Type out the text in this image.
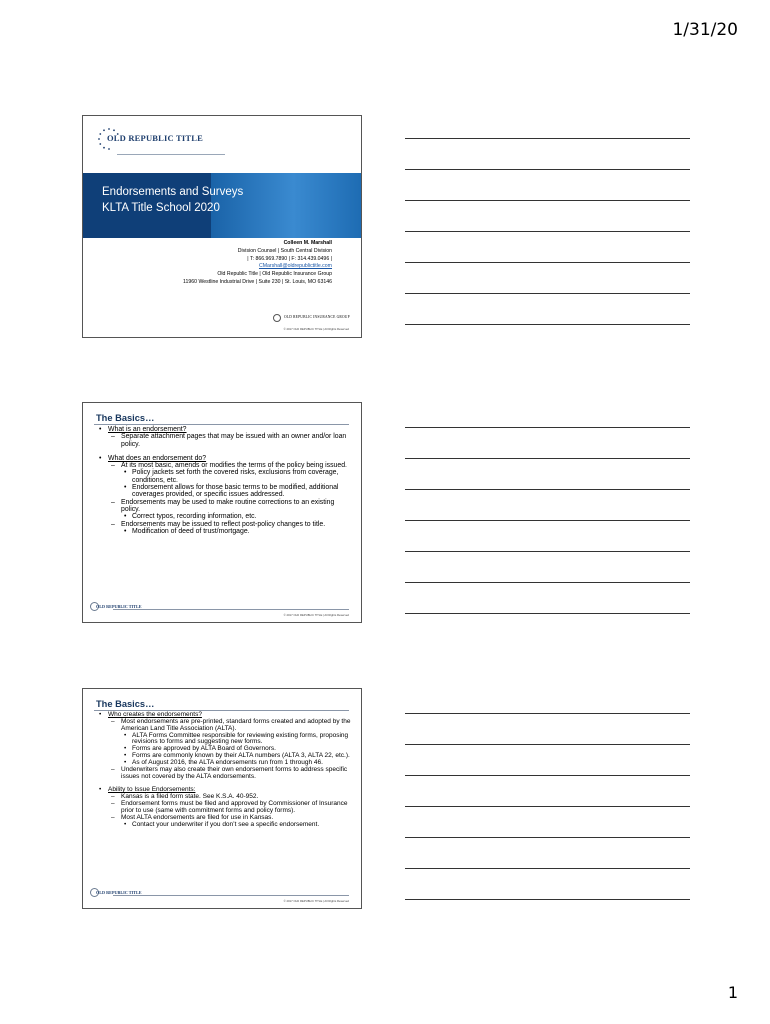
1/31/20
OLD REPUBLIC TITLE
Endorsements and Surveys
KLTA Title School 2020
Colleen M. Marshall
Division Counsel | South Central Division
| T: 866.969.7890 | F: 314.439.0496 |
CMarshall@oldrepublictitle.com
Old Republic Title | Old Republic Insurance Group
11960 Westline Industrial Drive | Suite 230 | St. Louis, MO 63146
OLD REPUBLIC INSURANCE GROUP
© 2017 OLD REPUBLIC TITLE | All Rights Reserved
The Basics…
• What is an endorsement?
– Separate attachment pages that may be issued with an owner and/or loan policy.
• What does an endorsement do?
– At its most basic, amends or modifies the terms of the policy being issued.
• Policy jackets set forth the covered risks, exclusions from coverage, conditions, etc.
• Endorsement allows for those basic terms to be modified, additional coverages provided, or specific issues addressed.
– Endorsements may be used to make routine corrections to an existing policy.
• Correct typos, recording information, etc.
– Endorsements may be issued to reflect post-policy changes to title.
• Modification of deed of trust/mortgage.
OLD REPUBLIC TITLE
© 2017 OLD REPUBLIC TITLE | All Rights Reserved
The Basics…
• Who creates the endorsements?
– Most endorsements are pre-printed, standard forms created and adopted by the American Land Title Association (ALTA).
• ALTA Forms Committee responsible for reviewing existing forms, proposing revisions to forms and suggesting new forms.
• Forms are approved by ALTA Board of Governors.
• Forms are commonly known by their ALTA numbers (ALTA 3, ALTA 22, etc.).
• As of August 2016, the ALTA endorsements run from 1 through 46.
– Underwriters may also create their own endorsement forms to address specific issues not covered by the ALTA endorsements.
• Ability to Issue Endorsements:
– Kansas is a filed form state. See K.S.A. 40-952.
– Endorsement forms must be filed and approved by Commissioner of Insurance prior to use (same with commitment forms and policy forms).
– Most ALTA endorsements are filed for use in Kansas.
• Contact your underwriter if you don’t see a specific endorsement.
OLD REPUBLIC TITLE
© 2017 OLD REPUBLIC TITLE | All Rights Reserved
1
